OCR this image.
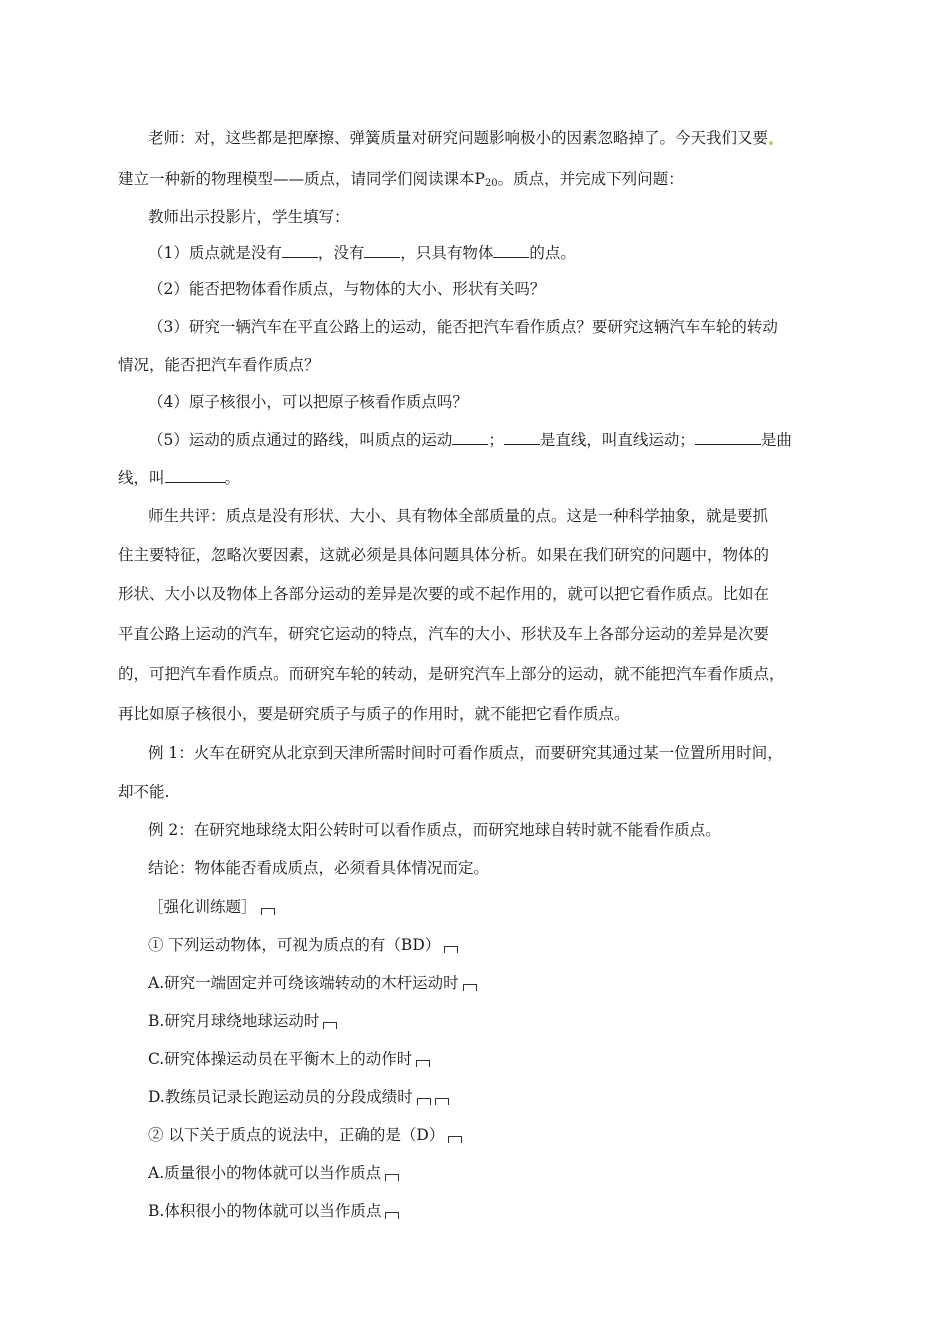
老师：对，这些都是把摩擦、弹簧质量对研究问题影响极小的因素忽略掉了。今天我们又要
建立一种新的物理模型——质点，请同学们阅读课本$P_{20}$。质点，并完成下列问题：
教师出示投影片，学生填写：
（1）质点就是没有 ，没有 ，只具有物体 的点。
（2）能否把物体看作质点，与物体的大小、形状有关吗？
（3）研究一辆汽车在平直公路上的运动，能否把汽车看作质点？要研究这辆汽车车轮的转动
情况，能否把汽车看作质点？
（4）原子核很小，可以把原子核看作质点吗？
（5）运动的质点通过的路线，叫质点的运动 ； 是直线，叫直线运动；	是曲
线，叫	。
师生共评：质点是没有形状、大小、具有物体全部质量的点。这是一种科学抽象，就是要抓
住主要特征，忽略次要因素，这就必须是具体问题具体分析。如果在我们研究的问题中，物体的
形状、大小以及物体上各部分运动的差异是次要的或不起作用的，就可以把它看作质点。比如在
平直公路上运动的汽车，研究它运动的特点，汽车的大小、形状及车上各部分运动的差异是次要
的，可把汽车看作质点。而研究车轮的转动，是研究汽车上部分的运动，就不能把汽车看作质点，
再比如原子核很小，要是研究质子与质子的作用时，就不能把它看作质点。
例 1：火车在研究从北京到天津所需时间时可看作质点，而要研究其通过某一位置所用时间，
却不能.
例 2：在研究地球绕太阳公转时可以看作质点，而研究地球自转时就不能看作质点。
结论：物体能否看成质点，必须看具体情况而定。
［强化训练题］
① 下列运动物体，可视为质点的有（BD）
A.研究一端固定并可绕该端转动的木杆运动时
B.研究月球绕地球运动时
C.研究体操运动员在平衡木上的动作时
D.教练员记录长跑运动员的分段成绩时
② 以下关于质点的说法中，正确的是（D）
A.质量很小的物体就可以当作质点
B.体积很小的物体就可以当作质点
